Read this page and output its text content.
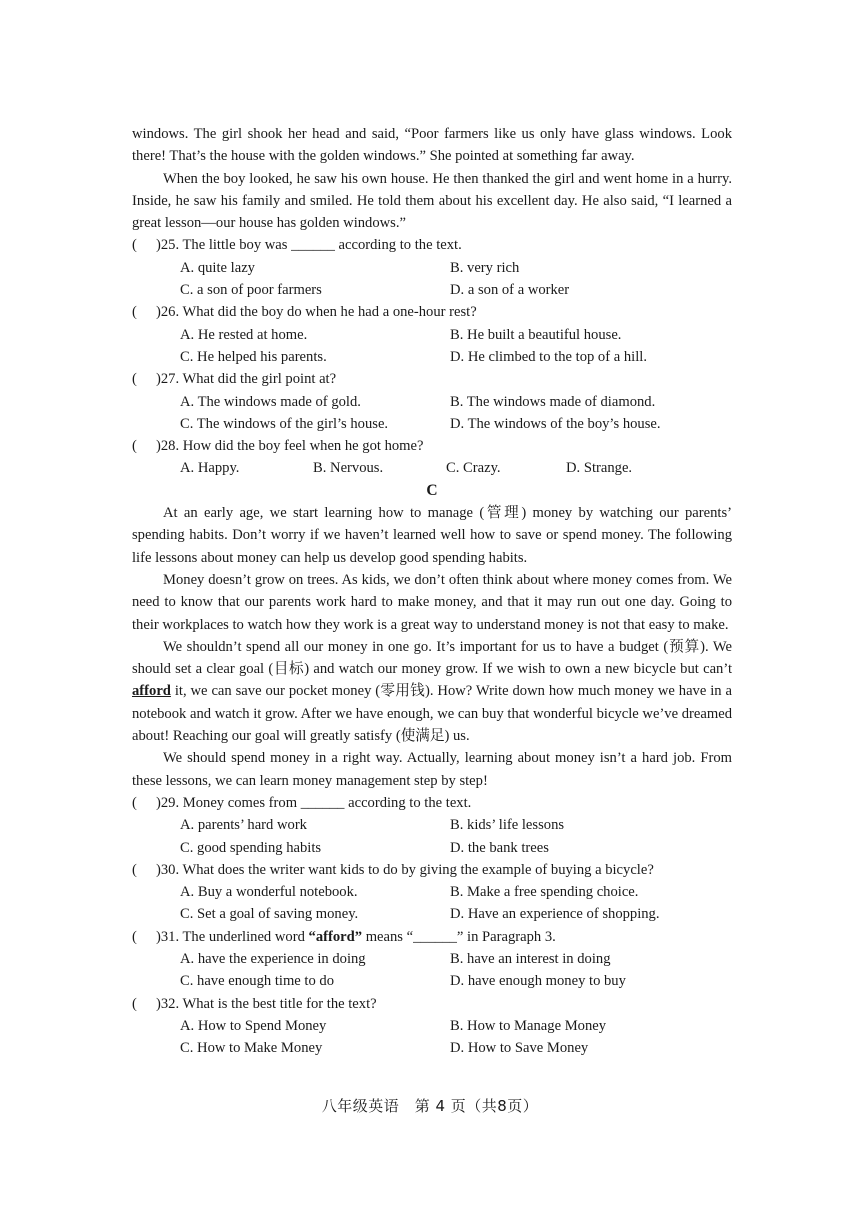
windows. The girl shook her head and said, “Poor farmers like us only have glass windows. Look there! That’s the house with the golden windows.” She pointed at something far away.

When the boy looked, he saw his own house. He then thanked the girl and went home in a hurry. Inside, he saw his family and smiled. He told them about his excellent day. He also said, “I learned a great lesson—our house has golden windows.”

(	)25. The little boy was ______ according to the text.
A. quite lazy	B. very rich
C. a son of poor farmers	D. a son of a worker
(	)26. What did the boy do when he had a one-hour rest?
A. He rested at home.	B. He built a beautiful house.
C. He helped his parents.	D. He climbed to the top of a hill.
(	)27. What did the girl point at?
A. The windows made of gold.	B. The windows made of diamond.
C. The windows of the girl’s house.	D. The windows of the boy’s house.
(	)28. How did the boy feel when he got home?
A. Happy.	B. Nervous.	C. Crazy.	D. Strange.
C

At an early age, we start learning how to manage (管理) money by watching our parents’ spending habits. Don’t worry if we haven’t learned well how to save or spend money. The following life lessons about money can help us develop good spending habits.

Money doesn’t grow on trees. As kids, we don’t often think about where money comes from. We need to know that our parents work hard to make money, and that it may run out one day. Going to their workplaces to watch how they work is a great way to understand money is not that easy to make.

We shouldn’t spend all our money in one go. It’s important for us to have a budget (预算). We should set a clear goal (目标) and watch our money grow. If we wish to own a new bicycle but can’t afford it, we can save our pocket money (零用钱). How? Write down how much money we have in a notebook and watch it grow. After we have enough, we can buy that wonderful bicycle we’ve dreamed about! Reaching our goal will greatly satisfy (使满足) us.

We should spend money in a right way. Actually, learning about money isn’t a hard job. From these lessons, we can learn money management step by step!

(	)29. Money comes from ______ according to the text.
A. parents’ hard work	B. kids’ life lessons
C. good spending habits	D. the bank trees
(	)30. What does the writer want kids to do by giving the example of buying a bicycle?
A. Buy a wonderful notebook.	B. Make a free spending choice.
C. Set a goal of saving money.	D. Have an experience of shopping.
(	)31. The underlined word “afford” means “______” in Paragraph 3.
A. have the experience in doing	B. have an interest in doing
C. have enough time to do	D. have enough money to buy
(	)32. What is the best title for the text?
A. How to Spend Money	B. How to Manage Money
C. How to Make Money	D. How to Save Money
八年级英语　第 4 页（共8页）
